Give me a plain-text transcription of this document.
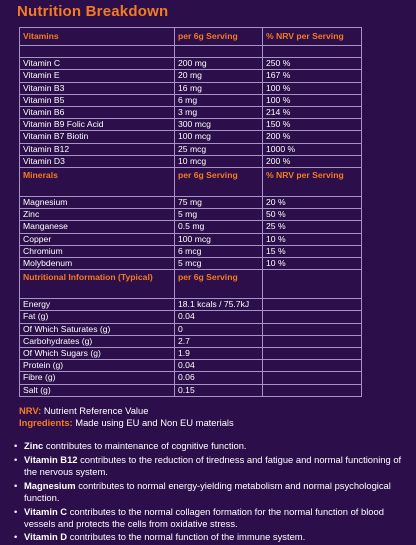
Nutrition Breakdown
Vitamins	per 6g Serving	% NRV per Serving

Vitamin C	200 mg	250 %
Vitamin E	20 mg	167 %
Vitamin B3	16 mg	100 %
Vitamin B5	6 mg	100 %
Vitamin B6	3 mg	214 %
Vitamin B9 Folic Acid	300 mcg	150 %
Vitamin B7 Biotin	100 mcg	200 %
Vitamin B12	25 mcg	1000 %
Vitamin D3	10 mcg	200 %
Minerals	per 6g Serving	% NRV per Serving
Magnesium	75 mg	20 %
Zinc	5 mg	50 %
Manganese	0.5 mg	25 %
Copper	100 mcg	10 %
Chromium	6 mcg	15 %
Molybdenum	5 mcg	10 %
Nutritional Information (Typical)	per 6g Serving	
Energy	18.1 kcals / 75.7kJ	
Fat (g)	0.04	
Of Which Saturates (g)	0	
Carbohydrates (g)	2.7	
Of Which Sugars (g)	1.9	
Protein (g)	0.04	
Fibre (g)	0.06	
Salt (g)	0.15	
NRV: Nutrient Reference Value
Ingredients: Made using EU and Non EU materials
• Zinc contributes to maintenance of cognitive function.
• Vitamin B12 contributes to the reduction of tiredness and fatigue and normal functioning of the nervous system.
• Magnesium contributes to normal energy-yielding metabolism and normal psychological function.
• Vitamin C contributes to the normal collagen formation for the normal function of blood vessels and protects the cells from oxidative stress.
• Vitamin D contributes to the normal function of the immune system.
